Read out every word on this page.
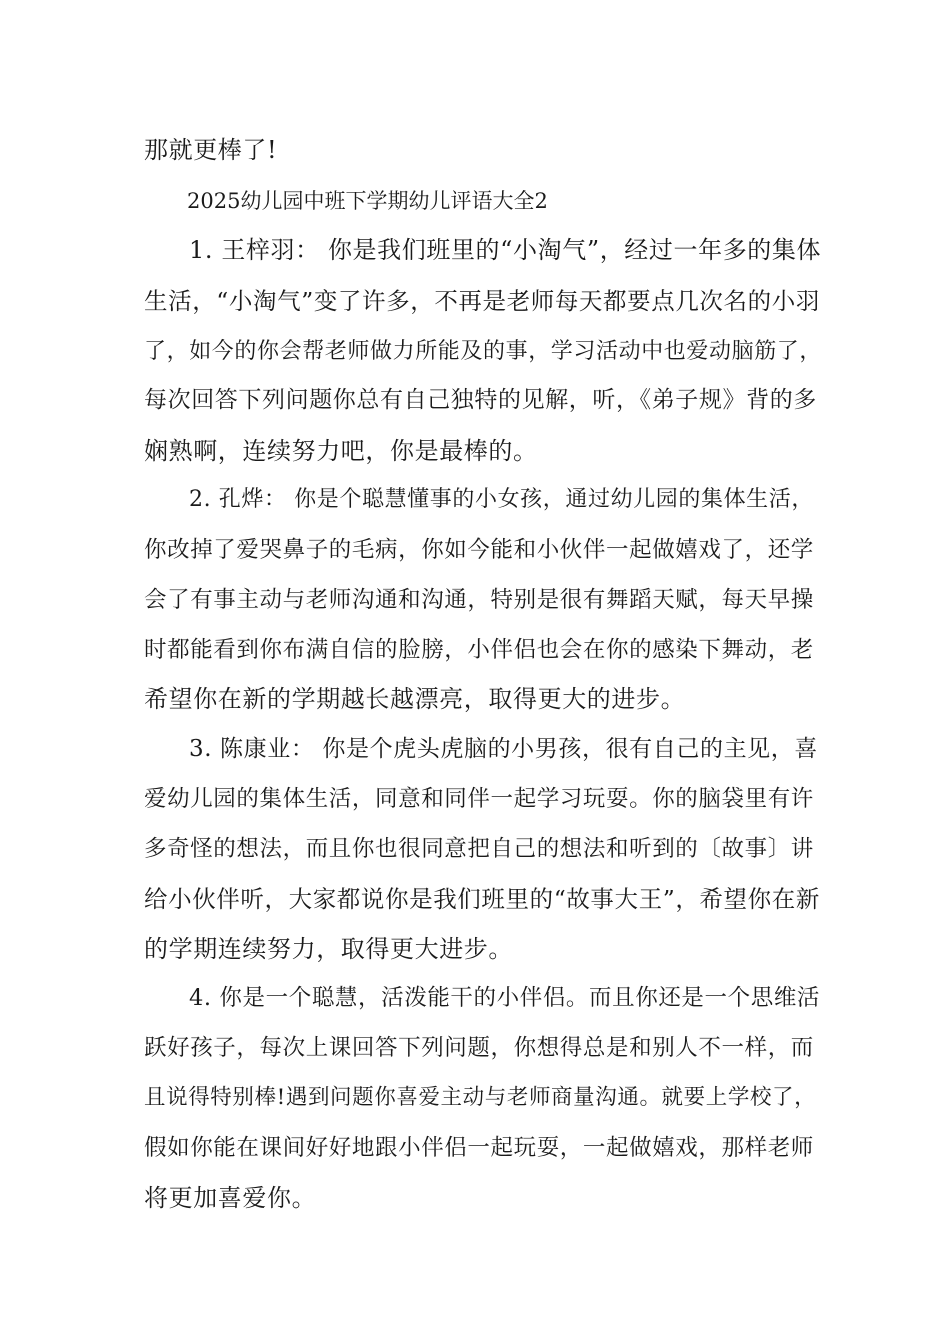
那就更棒了!
2025幼儿园中班下学期幼儿评语大全2
1. 王梓羽： 你是我们班里的“小淘气”，经过一年多的集体
生活，“小淘气”变了许多，不再是老师每天都要点几次名的小羽
了，如今的你会帮老师做力所能及的事，学习活动中也爱动脑筋了，
每次回答下列问题你总有自己独特的见解，听，《弟子规》背的多
娴熟啊，连续努力吧，你是最棒的。
2. 孔烨： 你是个聪慧懂事的小女孩，通过幼儿园的集体生活，
你改掉了爱哭鼻子的毛病，你如今能和小伙伴一起做嬉戏了，还学
会了有事主动与老师沟通和沟通，特别是很有舞蹈天赋，每天早操
时都能看到你布满自信的脸膀，小伴侣也会在你的感染下舞动，老
希望你在新的学期越长越漂亮，取得更大的进步。
3. 陈康业： 你是个虎头虎脑的小男孩，很有自己的主见，喜
爱幼儿园的集体生活，同意和同伴一起学习玩耍。你的脑袋里有许
多奇怪的想法，而且你也很同意把自己的想法和听到的〔故事〕讲
给小伙伴听，大家都说你是我们班里的“故事大王”，希望你在新
的学期连续努力，取得更大进步。
4. 你是一个聪慧，活泼能干的小伴侣。而且你还是一个思维活
跃好孩子，每次上课回答下列问题，你想得总是和别人不一样，而
且说得特别棒!遇到问题你喜爱主动与老师商量沟通。就要上学校了，
假如你能在课间好好地跟小伴侣一起玩耍，一起做嬉戏，那样老师
将更加喜爱你。
